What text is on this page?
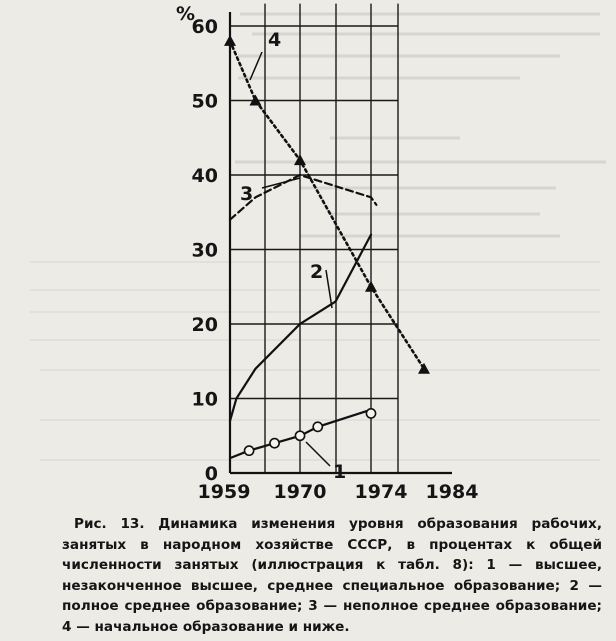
0
10
20
30
40
50
60
%
1959 1970 1974 1984
1
2
3
4
Рис. 13. Динамика изменения уровня образования рабочих, занятых в народном хозяйстве СССР, в процентах к общей численности занятых (иллюстрация к табл. 8): 1 — высшее, незаконченное высшее, среднее специальное образование; 2 — полное среднее образование; 3 — неполное среднее образование; 4 — начальное образование и ниже.
